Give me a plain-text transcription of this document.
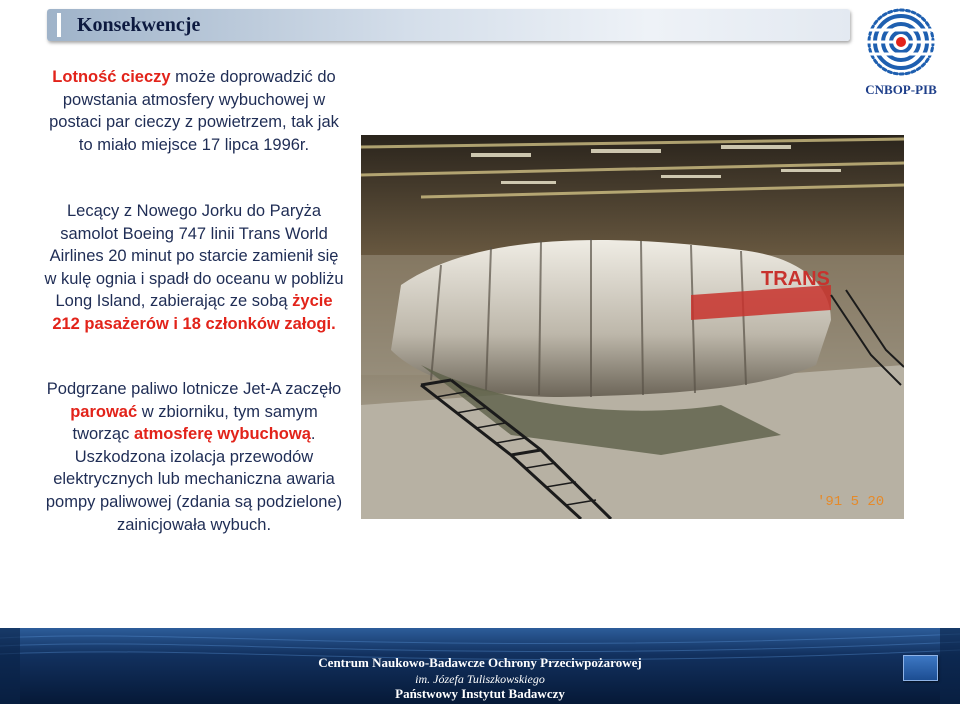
Konsekwencje
CNBOP-PIB
Lotność cieczy może doprowadzić do powstania atmosfery wybuchowej w postaci par cieczy z powietrzem, tak jak to miało miejsce 17 lipca 1996r.
Lecący z Nowego Jorku do Paryża samolot Boeing 747 linii Trans World Airlines 20 minut po starcie zamienił się w kulę ognia i spadł do oceanu w pobliżu Long Island, zabierając ze sobą życie 212 pasażerów i 18 członków załogi.
Podgrzane paliwo lotnicze Jet-A zaczęło parować w zbiorniku, tym samym tworząc atmosferę wybuchową. Uszkodzona izolacja przewodów elektrycznych lub mechaniczna awaria pompy paliwowej (zdania są podzielone) zainicjowała wybuch.
TRANS
'91 5 20
Centrum Naukowo-Badawcze Ochrony Przeciwpożarowej
im. Józefa Tuliszkowskiego
Państwowy Instytut Badawczy
